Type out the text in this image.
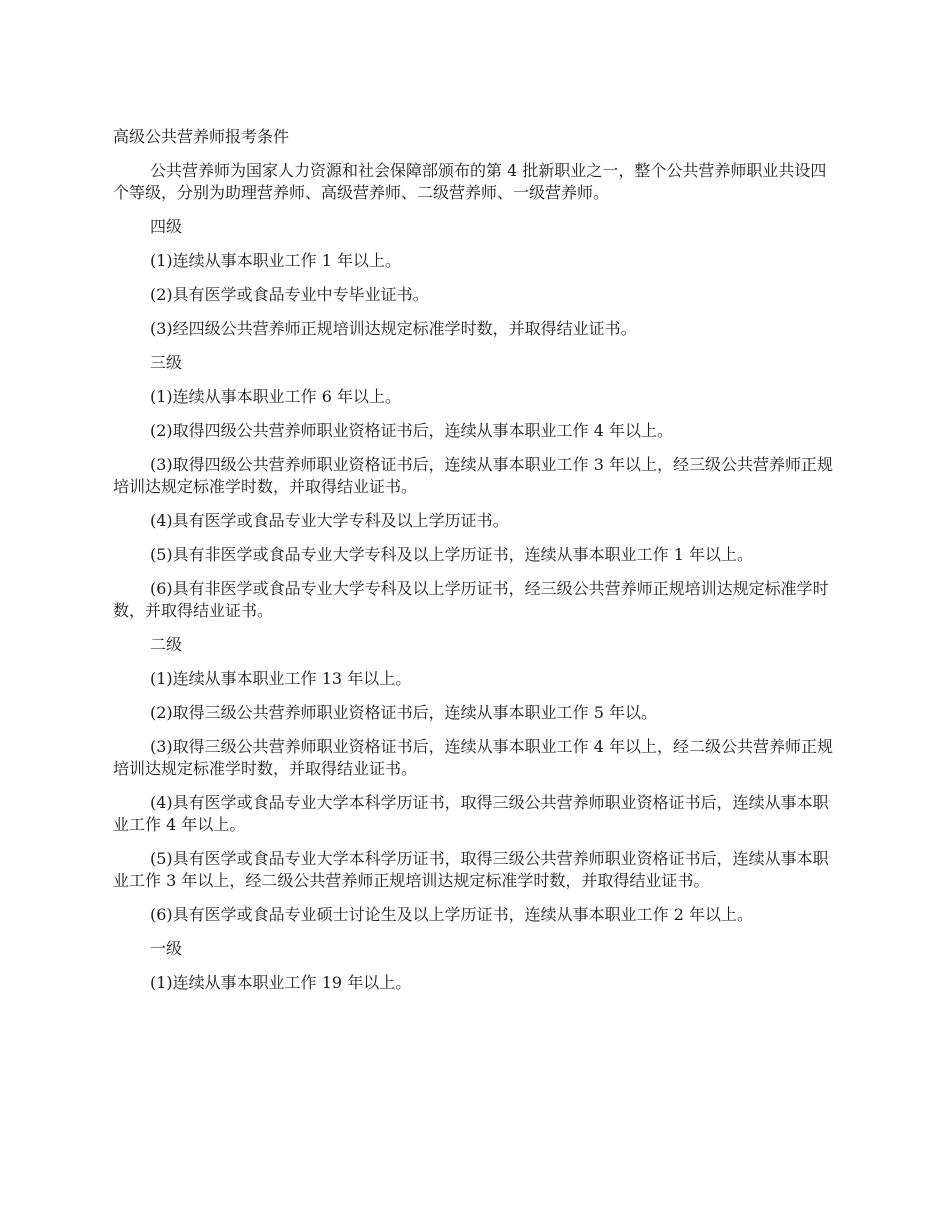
高级公共营养师报考条件

公共营养师为国家人力资源和社会保障部颁布的第 4 批新职业之一，整个公共营养师职业共设四个等级，分别为助理营养师、高级营养师、二级营养师、一级营养师。

四级

(1)连续从事本职业工作 1 年以上。

(2)具有医学或食品专业中专毕业证书。

(3)经四级公共营养师正规培训达规定标准学时数，并取得结业证书。

三级

(1)连续从事本职业工作 6 年以上。

(2)取得四级公共营养师职业资格证书后，连续从事本职业工作 4 年以上。

(3)取得四级公共营养师职业资格证书后，连续从事本职业工作 3 年以上，经三级公共营养师正规培训达规定标准学时数，并取得结业证书。

(4)具有医学或食品专业大学专科及以上学历证书。

(5)具有非医学或食品专业大学专科及以上学历证书，连续从事本职业工作 1 年以上。

(6)具有非医学或食品专业大学专科及以上学历证书，经三级公共营养师正规培训达规定标准学时数，并取得结业证书。

二级

(1)连续从事本职业工作 13 年以上。

(2)取得三级公共营养师职业资格证书后，连续从事本职业工作 5 年以。

(3)取得三级公共营养师职业资格证书后，连续从事本职业工作 4 年以上，经二级公共营养师正规培训达规定标准学时数，并取得结业证书。

(4)具有医学或食品专业大学本科学历证书，取得三级公共营养师职业资格证书后，连续从事本职业工作 4 年以上。

(5)具有医学或食品专业大学本科学历证书，取得三级公共营养师职业资格证书后，连续从事本职业工作 3 年以上，经二级公共营养师正规培训达规定标准学时数，并取得结业证书。

(6)具有医学或食品专业硕士讨论生及以上学历证书，连续从事本职业工作 2 年以上。

一级

(1)连续从事本职业工作 19 年以上。
